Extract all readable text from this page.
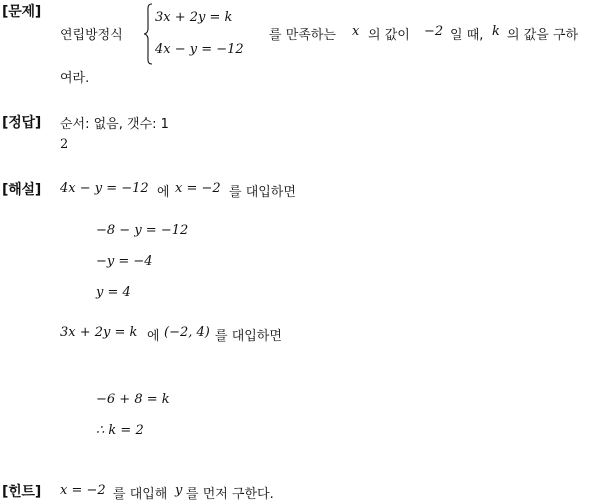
[문제]
연립방정식
3x + 2y = k
4x − y = −12
를 만족하는 x 의 값이 −2 일 때, k 의 값을 구하
여라.
[정답] 순서: 없음, 갯수: 1
2
[해설] 4x − y = −12 에 x = −2 를 대입하면
−8 − y = −12
−y = −4
y = 4
3x + 2y = k 에 (−2, 4) 를 대입하면
−6 + 8 = k
∴ k = 2
[힌트] x = −2 를 대입해 y 를 먼저 구한다.
